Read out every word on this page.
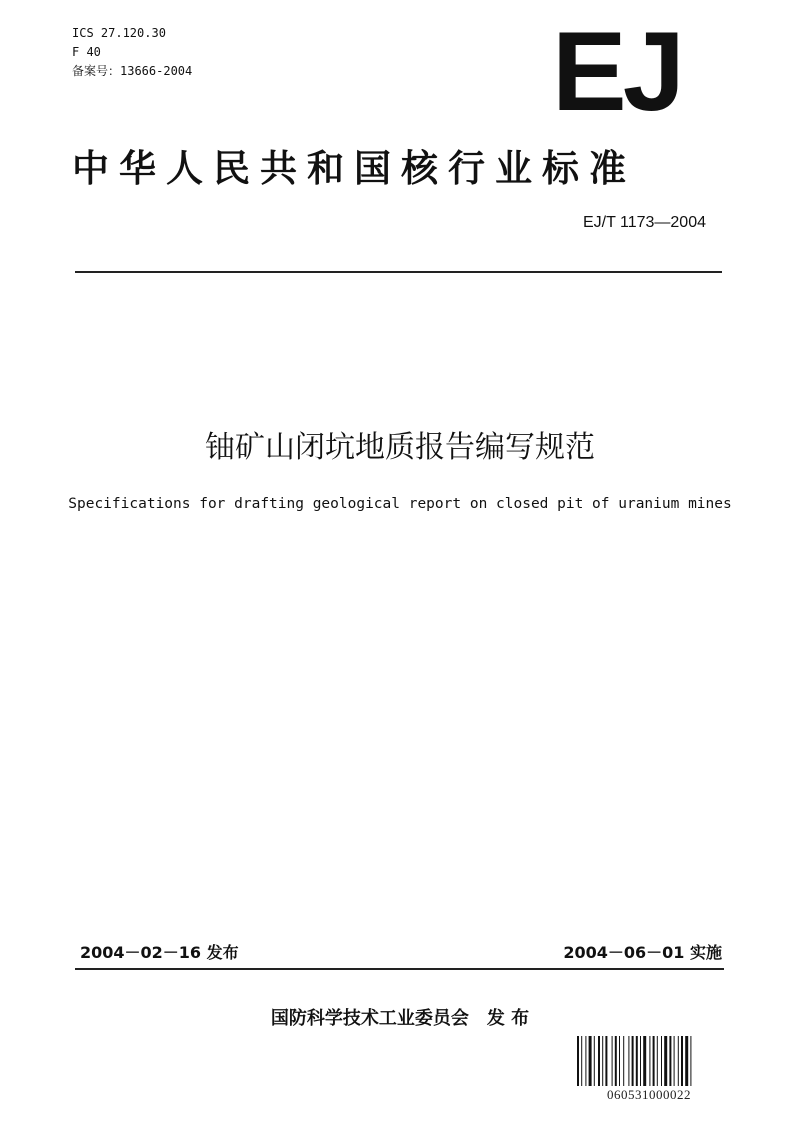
ICS 27.120.30
F 40
备案号：13666-2004	EJ
中华人民共和国核行业标准
EJ/T 1173—2004
铀矿山闭坑地质报告编写规范
Specifications for drafting geological report on closed pit of uranium mines
2004－02－16 发布	2004－06－01 实施
国防科学技术工业委员会　发 布
060531000022
